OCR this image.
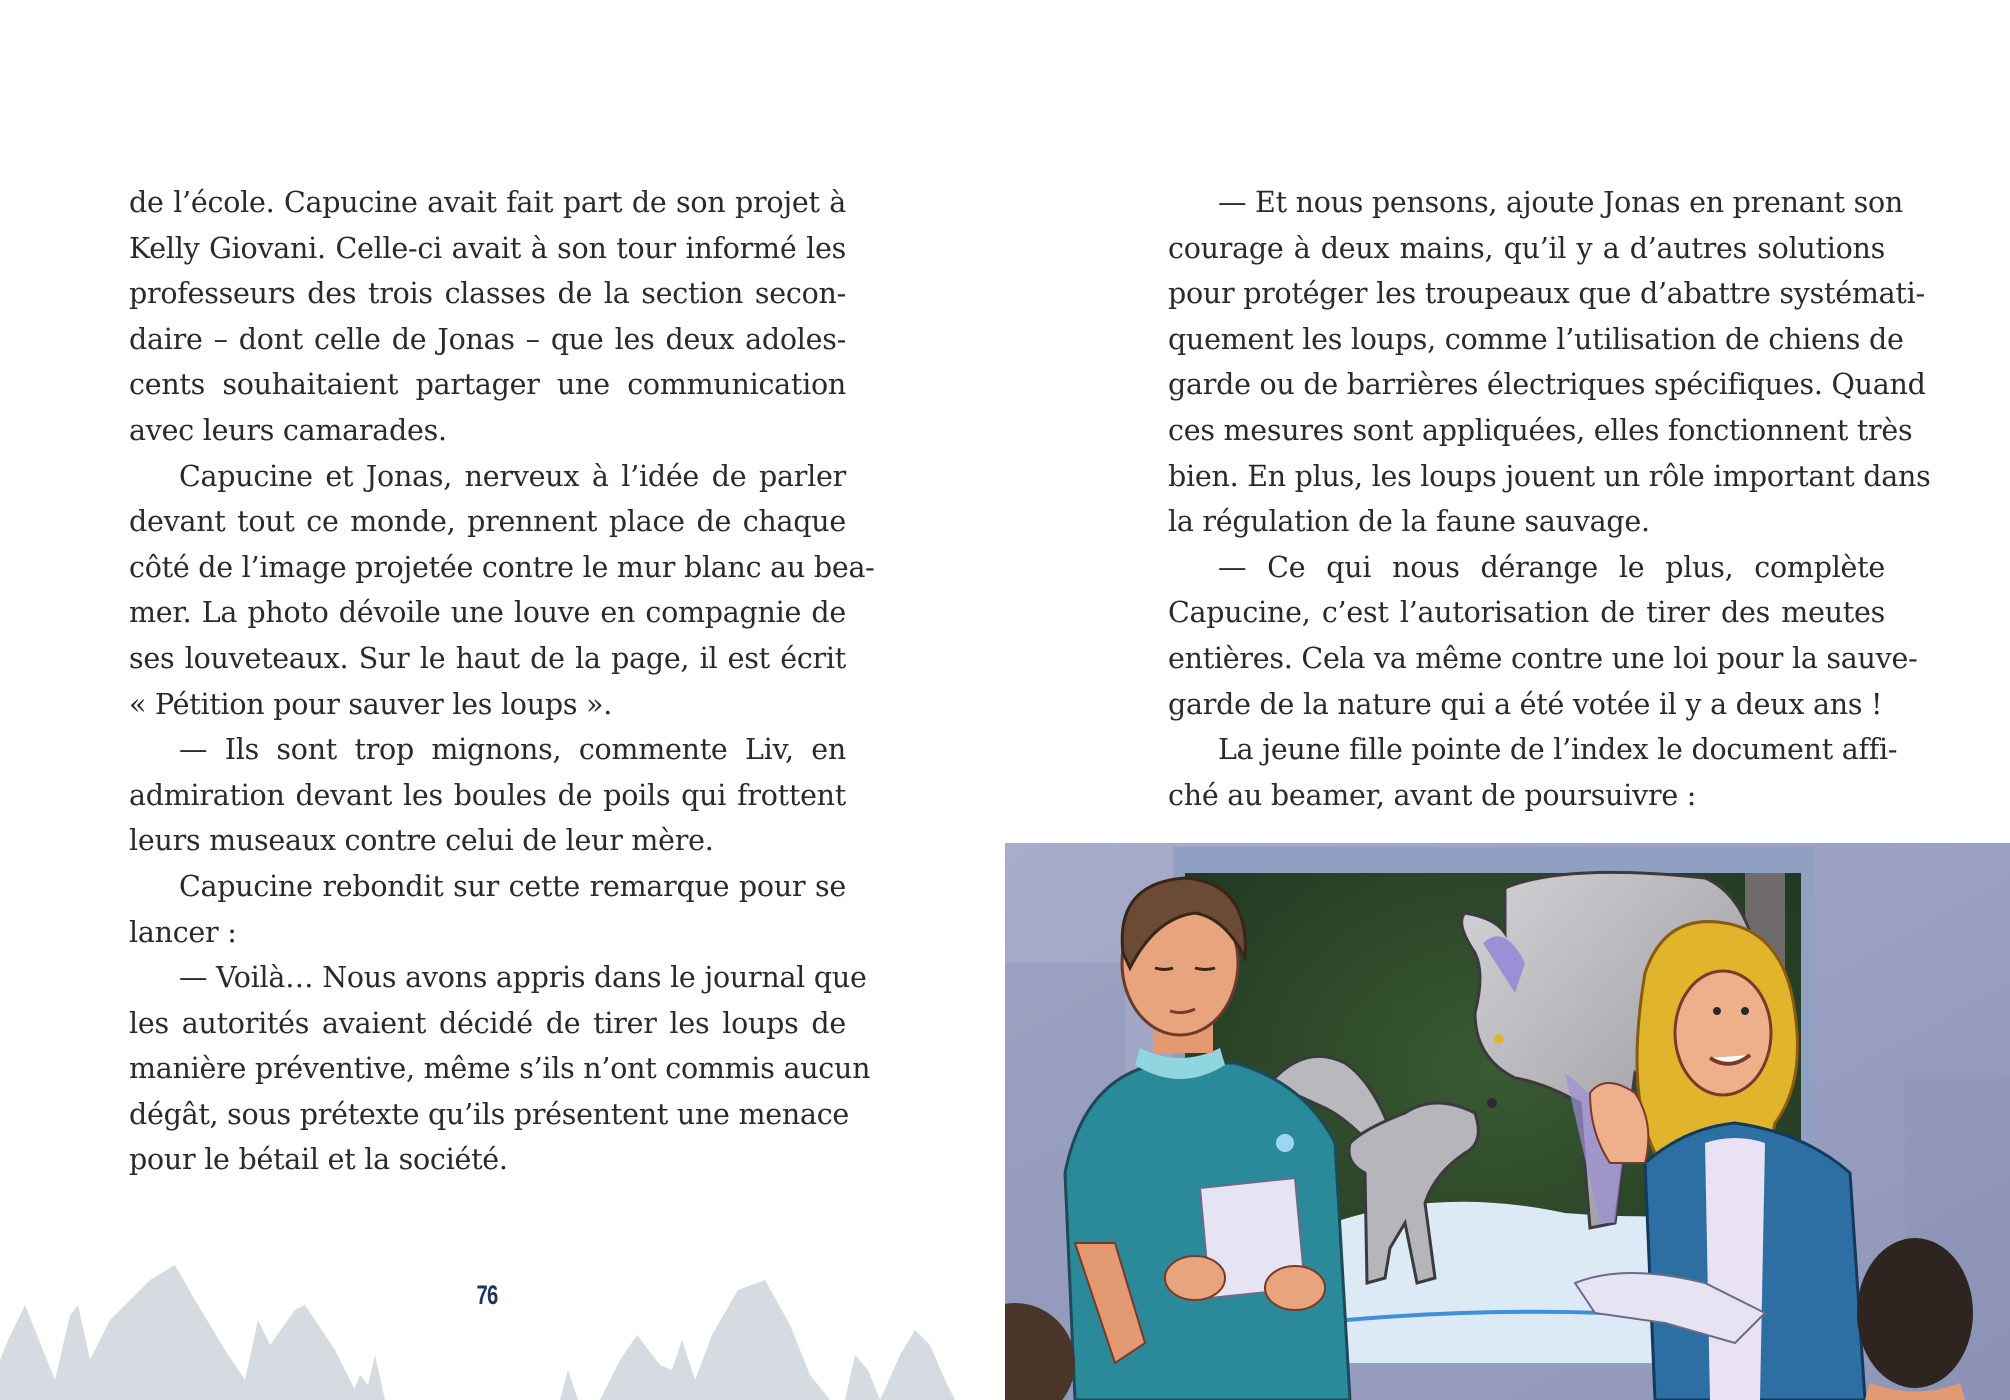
de l’école. Capucine avait fait part de son projet à
Kelly Giovani. Celle-ci avait à son tour informé les
professeurs des trois classes de la section secon-
daire – dont celle de Jonas – que les deux adoles-
cents souhaitaient partager une communication
avec leurs camarades.
Capucine et Jonas, nerveux à l’idée de parler
devant tout ce monde, prennent place de chaque
côté de l’image projetée contre le mur blanc au bea-
mer. La photo dévoile une louve en compagnie de
ses louveteaux. Sur le haut de la page, il est écrit
« Pétition pour sauver les loups ».
— Ils sont trop mignons, commente Liv, en
admiration devant les boules de poils qui frottent
leurs museaux contre celui de leur mère.
Capucine rebondit sur cette remarque pour se
lancer :
— Voilà… Nous avons appris dans le journal que
les autorités avaient décidé de tirer les loups de
manière préventive, même s’ils n’ont commis aucun
dégât, sous prétexte qu’ils présentent une menace
pour le bétail et la société.
76
— Et nous pensons, ajoute Jonas en prenant son
courage à deux mains, qu’il y a d’autres solutions
pour protéger les troupeaux que d’abattre systémati-
quement les loups, comme l’utilisation de chiens de
garde ou de barrières électriques spécifiques. Quand
ces mesures sont appliquées, elles fonctionnent très
bien. En plus, les loups jouent un rôle important dans
la régulation de la faune sauvage.
— Ce qui nous dérange le plus, complète
Capucine, c’est l’autorisation de tirer des meutes
entières. Cela va même contre une loi pour la sauve-
garde de la nature qui a été votée il y a deux ans !
La jeune fille pointe de l’index le document affi-
ché au beamer, avant de poursuivre :
